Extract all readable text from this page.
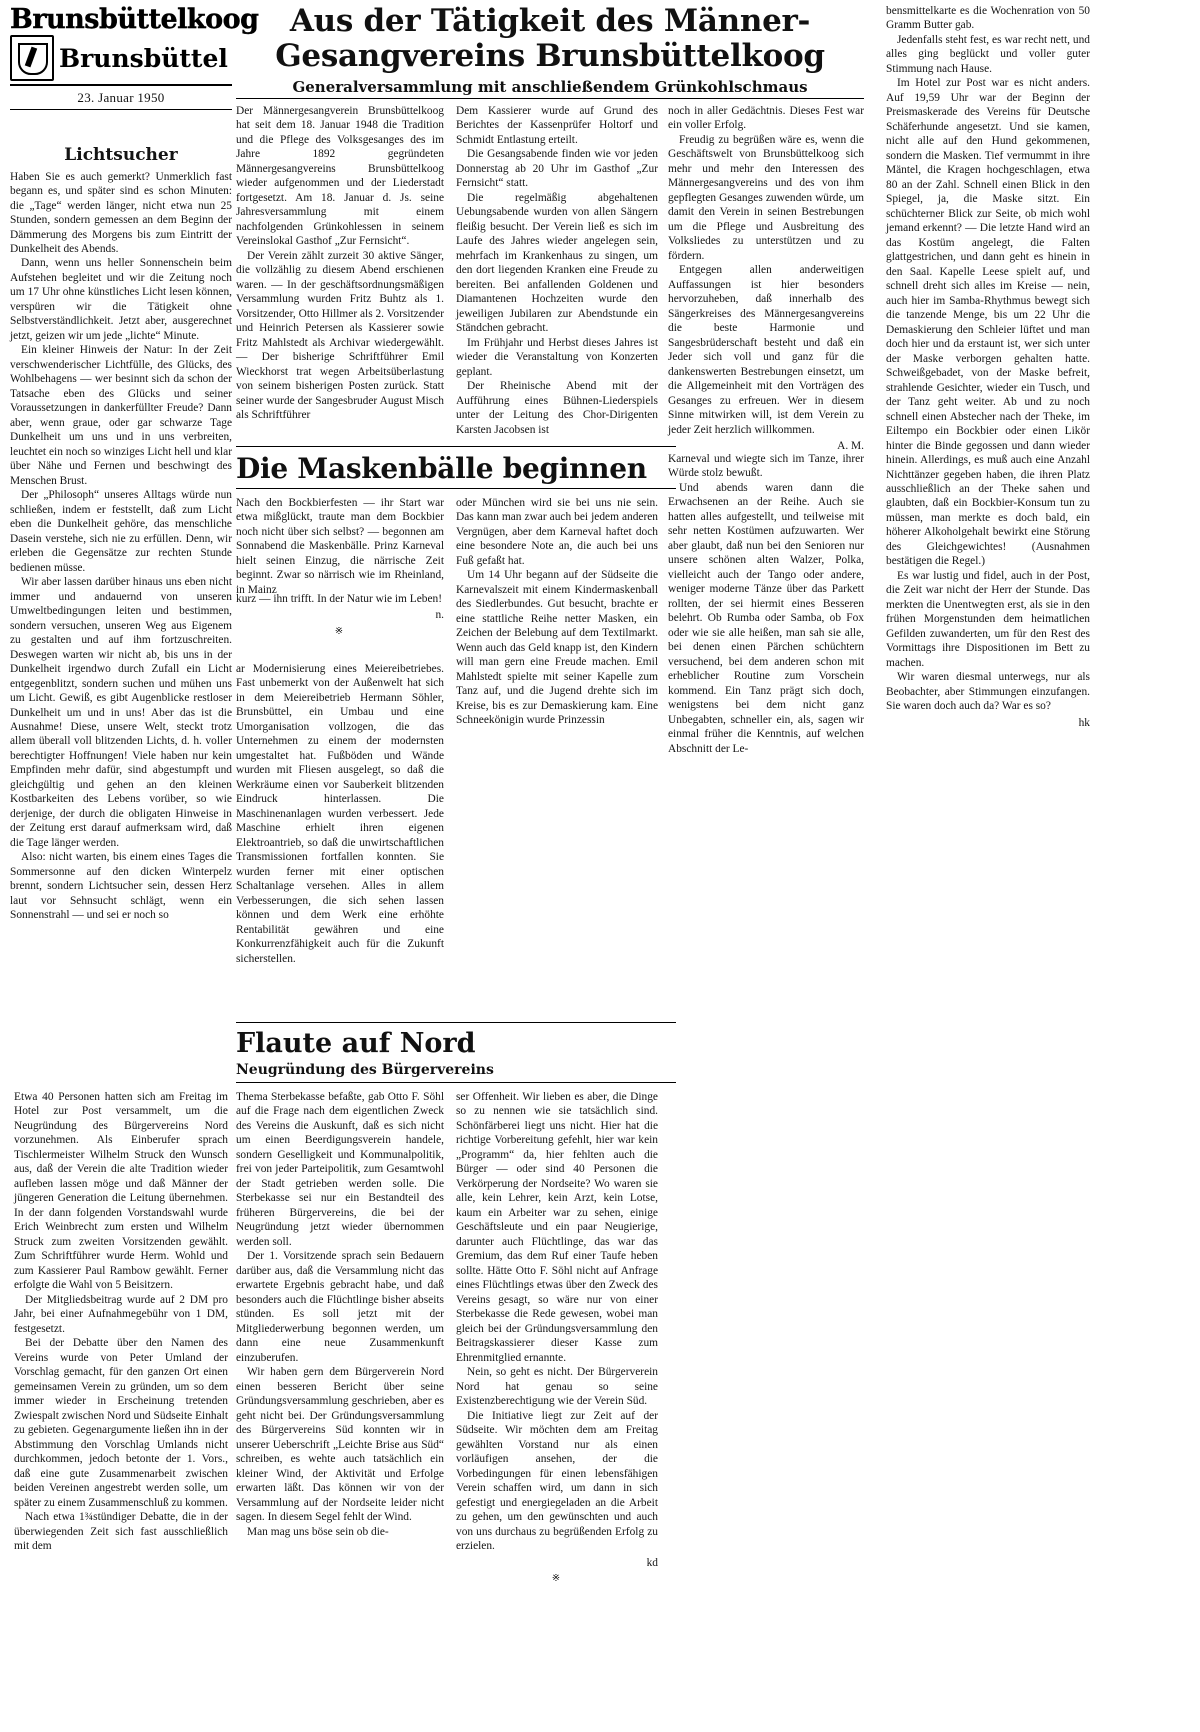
Brunsbüttelkoog
Brunsbüttel
23. Januar 1950
Lichtsucher

Haben Sie es auch gemerkt? Unmerklich fast begann es, und später sind es schon Minuten: die „Tage“ werden länger, nicht etwa nun 25 Stunden, sondern gemessen an dem Beginn der Dämmerung des Morgens bis zum Eintritt der Dunkelheit des Abends.

Dann, wenn uns heller Sonnenschein beim Aufstehen begleitet und wir die Zeitung noch um 17 Uhr ohne künstliches Licht lesen können, verspüren wir die Tätigkeit ohne Selbstverständlichkeit. Jetzt aber, ausgerechnet jetzt, geizen wir um jede „lichte“ Minute.

Ein kleiner Hinweis der Natur: In der Zeit verschwenderischer Lichtfülle, des Glücks, des Wohlbehagens — wer besinnt sich da schon der Tatsache eben des Glücks und seiner Voraussetzungen in dankerfüllter Freude? Dann aber, wenn graue, oder gar schwarze Tage Dunkelheit um uns und in uns verbreiten, leuchtet ein noch so winziges Licht hell und klar über Nähe und Fernen und beschwingt des Menschen Brust.

Der „Philosoph“ unseres Alltags würde nun schließen, indem er feststellt, daß zum Licht eben die Dunkelheit gehöre, das menschliche Dasein verstehe, sich nie zu erfüllen. Denn, wir erleben die Gegensätze zur rechten Stunde bedienen müsse.

Wir aber lassen darüber hinaus uns eben nicht immer und andauernd von unseren Umweltbedingungen leiten und bestimmen, sondern versuchen, unseren Weg aus Eigenem zu gestalten und auf ihm fortzuschreiten. Deswegen warten wir nicht ab, bis uns in der Dunkelheit irgendwo durch Zufall ein Licht entgegenblitzt, sondern suchen und mühen uns um Licht. Gewiß, es gibt Augenblicke restloser Dunkelheit um und in uns! Aber das ist die Ausnahme! Diese, unsere Welt, steckt trotz allem überall voll blitzenden Lichts, d. h. voller berechtigter Hoffnungen! Viele haben nur kein Empfinden mehr dafür, sind abgestumpft und gleichgültig und gehen an den kleinen Kostbarkeiten des Lebens vorüber, so wie derjenige, der durch die obligaten Hinweise in der Zeitung erst darauf aufmerksam wird, daß die Tage länger werden.

Also: nicht warten, bis einem eines Tages die Sommersonne auf den dicken Winterpelz brennt, sondern Lichtsucher sein, dessen Herz laut vor Sehnsucht schlägt, wenn ein Sonnenstrahl — und sei er noch so

Aus der Tätigkeit des Männer-
Gesangvereins Brunsbüttelkoog
Generalversammlung mit anschließendem Grünkohlschmaus

Der Männergesangverein Brunsbüttelkoog hat seit dem 18. Januar 1948 die Tradition und die Pflege des Volksgesanges des im Jahre 1892 gegründeten Männergesangvereins Brunsbüttelkoog wieder aufgenommen und der Liederstadt fortgesetzt. Am 18. Januar d. Js. seine Jahresversammlung mit einem nachfolgenden Grünkohlessen in seinem Vereinslokal Gasthof „Zur Fernsicht“.

Der Verein zählt zurzeit 30 aktive Sänger, die vollzählig zu diesem Abend erschienen waren. — In der geschäftsordnungsmäßigen Versammlung wurden Fritz Buhtz als 1. Vorsitzender, Otto Hillmer als 2. Vorsitzender und Heinrich Petersen als Kassierer sowie Fritz Mahlstedt als Archivar wiedergewählt. — Der bisherige Schriftführer Emil Wieckhorst trat wegen Arbeitsüberlastung von seinem bisherigen Posten zurück. Statt seiner wurde der Sangesbruder August Misch als Schriftführer

Dem Kassierer wurde auf Grund des Berichtes der Kassenprüfer Holtorf und Schmidt Entlastung erteilt.

Die Gesangsabende finden wie vor jeden Donnerstag ab 20 Uhr im Gasthof „Zur Fernsicht“ statt.

Die regelmäßig abgehaltenen Uebungsabende wurden von allen Sängern fleißig besucht. Der Verein ließ es sich im Laufe des Jahres wieder angelegen sein, mehrfach im Krankenhaus zu singen, um den dort liegenden Kranken eine Freude zu bereiten. Bei anfallenden Goldenen und Diamantenen Hochzeiten wurde den jeweiligen Jubilaren zur Abendstunde ein Ständchen gebracht.

Im Frühjahr und Herbst dieses Jahres ist wieder die Veranstaltung von Konzerten geplant.

Der Rheinische Abend mit der Aufführung eines Bühnen-Liederspiels unter der Leitung des Chor-Dirigenten Karsten Jacobsen ist

noch in aller Gedächtnis. Dieses Fest war ein voller Erfolg.

Freudig zu begrüßen wäre es, wenn die Geschäftswelt von Brunsbüttelkoog sich mehr und mehr den Interessen des Männergesangvereins und des von ihm gepflegten Gesanges zuwenden würde, um damit den Verein in seinen Bestrebungen um die Pflege und Ausbreitung des Volksliedes zu unterstützen und zu fördern.

Entgegen allen anderweitigen Auffassungen ist hier besonders hervorzuheben, daß innerhalb des Sängerkreises des Männergesangvereins die beste Harmonie und Sangesbrüderschaft besteht und daß ein Jeder sich voll und ganz für die dankenswerten Bestrebungen einsetzt, um die Allgemeinheit mit den Vorträgen des Gesanges zu erfreuen. Wer in diesem Sinne mitwirken will, ist dem Verein zu jeder Zeit herzlich willkommen.

A. M.

bensmittelkarte es die Wochenration von 50 Gramm Butter gab.

Jedenfalls steht fest, es war recht nett, und alles ging beglückt und voller guter Stimmung nach Hause.

Im Hotel zur Post war es nicht anders. Auf 19,59 Uhr war der Beginn der Preismaskerade des Vereins für Deutsche Schäferhunde angesetzt. Und sie kamen, nicht alle auf den Hund gekommenen, sondern die Masken. Tief vermummt in ihre Mäntel, die Kragen hochgeschlagen, etwa 80 an der Zahl. Schnell einen Blick in den Spiegel, ja, die Maske sitzt. Ein schüchterner Blick zur Seite, ob mich wohl jemand erkennt? — Die letzte Hand wird an das Kostüm angelegt, die Falten glattgestrichen, und dann geht es hinein in den Saal. Kapelle Leese spielt auf, und schnell dreht sich alles im Kreise — nein, auch hier im Samba-Rhythmus bewegt sich die tanzende Menge, bis um 22 Uhr die Demaskierung den Schleier lüftet und man doch hier und da erstaunt ist, wer sich unter der Maske verborgen gehalten hatte. Schweißgebadet, von der Maske befreit, strahlende Gesichter, wieder ein Tusch, und der Tanz geht weiter. Ab und zu noch schnell einen Abstecher nach der Theke, im Eiltempo ein Bockbier oder einen Likör hinter die Binde gegossen und dann wieder hinein. Allerdings, es muß auch eine Anzahl Nichttänzer gegeben haben, die ihren Platz ausschließlich an der Theke sahen und glaubten, daß ein Bockbier-Konsum tun zu müssen, man merkte es doch bald, ein höherer Alkoholgehalt bewirkt eine Störung des Gleichgewichtes! (Ausnahmen bestätigen die Regel.)

Es war lustig und fidel, auch in der Post, die Zeit war nicht der Herr der Stunde. Das merkten die Unentwegten erst, als sie in den frühen Morgenstunden dem heimatlichen Gefilden zuwanderten, um für den Rest des Vormittags ihre Dispositionen im Bett zu machen.

Wir waren diesmal unterwegs, nur als Beobachter, aber Stimmungen einzufangen. Sie waren doch auch da? War es so?

hk

Die Maskenbälle beginnen

Nach den Bockbierfesten — ihr Start war etwa mißglückt, traute man dem Bockbier noch nicht über sich selbst? — begonnen am Sonnabend die Maskenbälle. Prinz Karneval hielt seinen Einzug, die närrische Zeit beginnt. Zwar so närrisch wie im Rheinland, in Mainz

kurz — ihn trifft. In der Natur wie im Leben!

n.

※

ar Modernisierung eines Meiereibetriebes. Fast unbemerkt von der Außenwelt hat sich in dem Meiereibetrieb Hermann Söhler, Brunsbüttel, ein Umbau und eine Umorganisation vollzogen, die das Unternehmen zu einem der modernsten umgestaltet hat. Fußböden und Wände wurden mit Fliesen ausgelegt, so daß die Werkräume einen vor Sauberkeit blitzenden Eindruck hinterlassen. Die Maschinenanlagen wurden verbessert. Jede Maschine erhielt ihren eigenen Elektroantrieb, so daß die unwirtschaftlichen Transmissionen fortfallen konnten. Sie wurden ferner mit einer optischen Schaltanlage versehen. Alles in allem Verbesserungen, die sich sehen lassen können und dem Werk eine erhöhte Rentabilität gewähren und eine Konkurrenzfähigkeit auch für die Zukunft sicherstellen.

oder München wird sie bei uns nie sein. Das kann man zwar auch bei jedem anderen Vergnügen, aber dem Karneval haftet doch eine besondere Note an, die auch bei uns Fuß gefaßt hat.

Um 14 Uhr begann auf der Südseite die Karnevalszeit mit einem Kindermaskenball des Siedlerbundes. Gut besucht, brachte er eine stattliche Reihe netter Masken, ein Zeichen der Belebung auf dem Textilmarkt. Wenn auch das Geld knapp ist, den Kindern will man gern eine Freude machen. Emil Mahlstedt spielte mit seiner Kapelle zum Tanz auf, und die Jugend drehte sich im Kreise, bis es zur Demaskierung kam. Eine Schneekönigin wurde Prinzessin

Karneval und wiegte sich im Tanze, ihrer Würde stolz bewußt.

Und abends waren dann die Erwachsenen an der Reihe. Auch sie hatten alles aufgestellt, und teilweise mit sehr netten Kostümen aufzuwarten. Wer aber glaubt, daß nun bei den Senioren nur unsere schönen alten Walzer, Polka, vielleicht auch der Tango oder andere, weniger moderne Tänze über das Parkett rollten, der sei hiermit eines Besseren belehrt. Ob Rumba oder Samba, ob Fox oder wie sie alle heißen, man sah sie alle, bei denen einen Pärchen schüchtern versuchend, bei dem anderen schon mit erheblicher Routine zum Vorschein kommend. Ein Tanz prägt sich doch, wenigstens bei dem nicht ganz Unbegabten, schneller ein, als, sagen wir einmal früher die Kenntnis, auf welchen Abschnitt der Le-

Flaute auf Nord
Neugründung des Bürgervereins

Etwa 40 Personen hatten sich am Freitag im Hotel zur Post versammelt, um die Neugründung des Bürgervereins Nord vorzunehmen. Als Einberufer sprach Tischlermeister Wilhelm Struck den Wunsch aus, daß der Verein die alte Tradition wieder aufleben lassen möge und daß Männer der jüngeren Generation die Leitung übernehmen. In der dann folgenden Vorstandswahl wurde Erich Weinbrecht zum ersten und Wilhelm Struck zum zweiten Vorsitzenden gewählt. Zum Schriftführer wurde Herm. Wohld und zum Kassierer Paul Rambow gewählt. Ferner erfolgte die Wahl von 5 Beisitzern.

Der Mitgliedsbeitrag wurde auf 2 DM pro Jahr, bei einer Aufnahmegebühr von 1 DM, festgesetzt.

Bei der Debatte über den Namen des Vereins wurde von Peter Umland der Vorschlag gemacht, für den ganzen Ort einen gemeinsamen Verein zu gründen, um so dem immer wieder in Erscheinung tretenden Zwiespalt zwischen Nord und Südseite Einhalt zu gebieten. Gegenargumente ließen ihn in der Abstimmung den Vorschlag Umlands nicht durchkommen, jedoch betonte der 1. Vors., daß eine gute Zusammenarbeit zwischen beiden Vereinen angestrebt werden solle, um später zu einem Zusammenschluß zu kommen.

Nach etwa 1¾stündiger Debatte, die in der überwiegenden Zeit sich fast ausschließlich mit dem

Thema Sterbekasse befaßte, gab Otto F. Söhl auf die Frage nach dem eigentlichen Zweck des Vereins die Auskunft, daß es sich nicht um einen Beerdigungsverein handele, sondern Geselligkeit und Kommunalpolitik, frei von jeder Parteipolitik, zum Gesamtwohl der Stadt getrieben werden solle. Die Sterbekasse sei nur ein Bestandteil des früheren Bürgervereins, die bei der Neugründung jetzt wieder übernommen werden soll.

Der 1. Vorsitzende sprach sein Bedauern darüber aus, daß die Versammlung nicht das erwartete Ergebnis gebracht habe, und daß besonders auch die Flüchtlinge bisher abseits stünden. Es soll jetzt mit der Mitgliederwerbung begonnen werden, um dann eine neue Zusammenkunft einzuberufen.

Wir haben gern dem Bürgerverein Nord einen besseren Bericht über seine Gründungsversammlung geschrieben, aber es geht nicht bei. Der Gründungsversammlung des Bürgervereins Süd konnten wir in unserer Ueberschrift „Leichte Brise aus Süd“ schreiben, es wehte auch tatsächlich ein kleiner Wind, der Aktivität und Erfolge erwarten läßt. Das können wir von der Versammlung auf der Nordseite leider nicht sagen. In diesem Segel fehlt der Wind.

Man mag uns böse sein ob die-

ser Offenheit. Wir lieben es aber, die Dinge so zu nennen wie sie tatsächlich sind. Schönfärberei liegt uns nicht. Hier hat die richtige Vorbereitung gefehlt, hier war kein „Programm“ da, hier fehlten auch die Bürger — oder sind 40 Personen die Verkörperung der Nordseite? Wo waren sie alle, kein Lehrer, kein Arzt, kein Lotse, kaum ein Arbeiter war zu sehen, einige Geschäftsleute und ein paar Neugierige, darunter auch Flüchtlinge, das war das Gremium, das dem Ruf einer Taufe heben sollte. Hätte Otto F. Söhl nicht auf Anfrage eines Flüchtlings etwas über den Zweck des Vereins gesagt, so wäre nur von einer Sterbekasse die Rede gewesen, wobei man gleich bei der Gründungsversammlung den Beitragskassierer dieser Kasse zum Ehrenmitglied ernannte.

Nein, so geht es nicht. Der Bürgerverein Nord hat genau so seine Existenzberechtigung wie der Verein Süd.

Die Initiative liegt zur Zeit auf der Südseite. Wir möchten dem am Freitag gewählten Vorstand nur als einen vorläufigen ansehen, der die Vorbedingungen für einen lebensfähigen Verein schaffen wird, um dann in sich gefestigt und energiegeladen an die Arbeit zu gehen, um den gewünschten und auch von uns durchaus zu begrüßenden Erfolg zu erzielen.

kd

※
